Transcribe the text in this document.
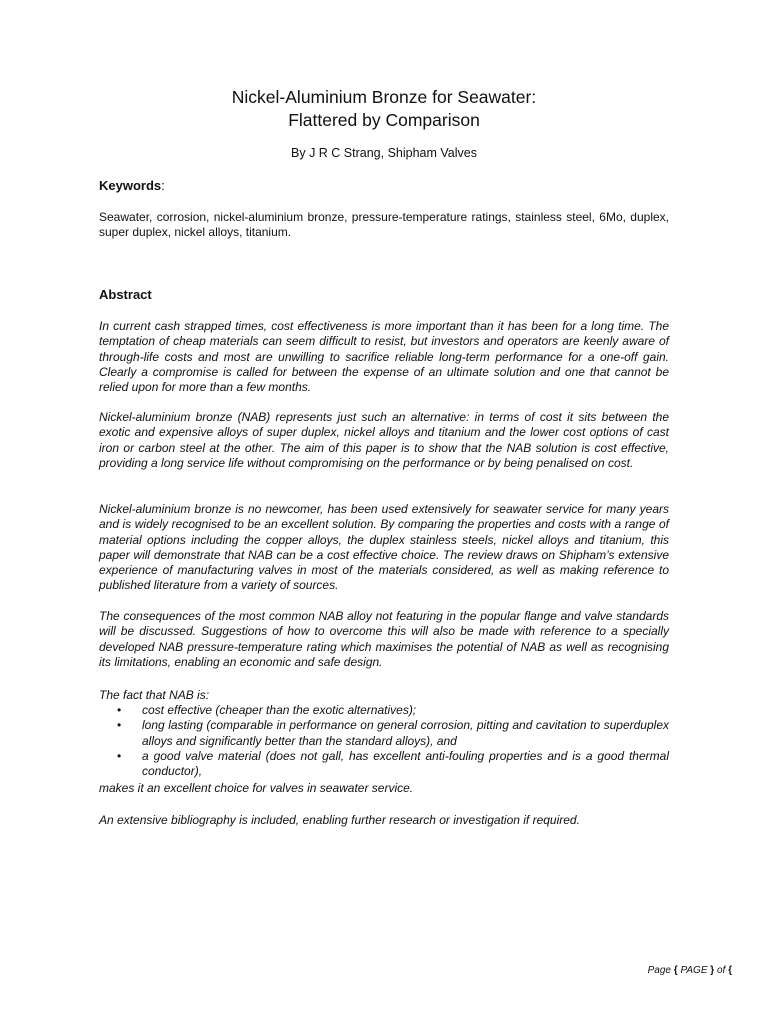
Nickel-Aluminium Bronze for Seawater:
Flattered by Comparison
By J R C Strang, Shipham Valves
Keywords:

Seawater, corrosion, nickel-aluminium bronze, pressure-temperature ratings, stainless steel, 6Mo, duplex, super duplex, nickel alloys, titanium.

Abstract

In current cash strapped times, cost effectiveness is more important than it has been for a long time. The temptation of cheap materials can seem difficult to resist, but investors and operators are keenly aware of through-life costs and most are unwilling to sacrifice reliable long-term performance for a one-off gain. Clearly a compromise is called for between the expense of an ultimate solution and one that cannot be relied upon for more than a few months.

Nickel-aluminium bronze (NAB) represents just such an alternative: in terms of cost it sits between the exotic and expensive alloys of super duplex, nickel alloys and titanium and the lower cost options of cast iron or carbon steel at the other. The aim of this paper is to show that the NAB solution is cost effective, providing a long service life without compromising on the performance or by being penalised on cost.

Nickel-aluminium bronze is no newcomer, has been used extensively for seawater service for many years and is widely recognised to be an excellent solution. By comparing the properties and costs with a range of material options including the copper alloys, the duplex stainless steels, nickel alloys and titanium, this paper will demonstrate that NAB can be a cost effective choice. The review draws on Shipham’s extensive experience of manufacturing valves in most of the materials considered, as well as making reference to published literature from a variety of sources.

The consequences of the most common NAB alloy not featuring in the popular flange and valve standards will be discussed. Suggestions of how to overcome this will also be made with reference to a specially developed NAB pressure-temperature rating which maximises the potential of NAB as well as recognising its limitations, enabling an economic and safe design.

The fact that NAB is:

• cost effective (cheaper than the exotic alternatives);
• long lasting (comparable in performance on general corrosion, pitting and cavitation to superduplex alloys and significantly better than the standard alloys), and
• a good valve material (does not gall, has excellent anti-fouling properties and is a good thermal conductor),

makes it an excellent choice for valves in seawater service.

An extensive bibliography is included, enabling further research or investigation if required.

Page { PAGE } of {
